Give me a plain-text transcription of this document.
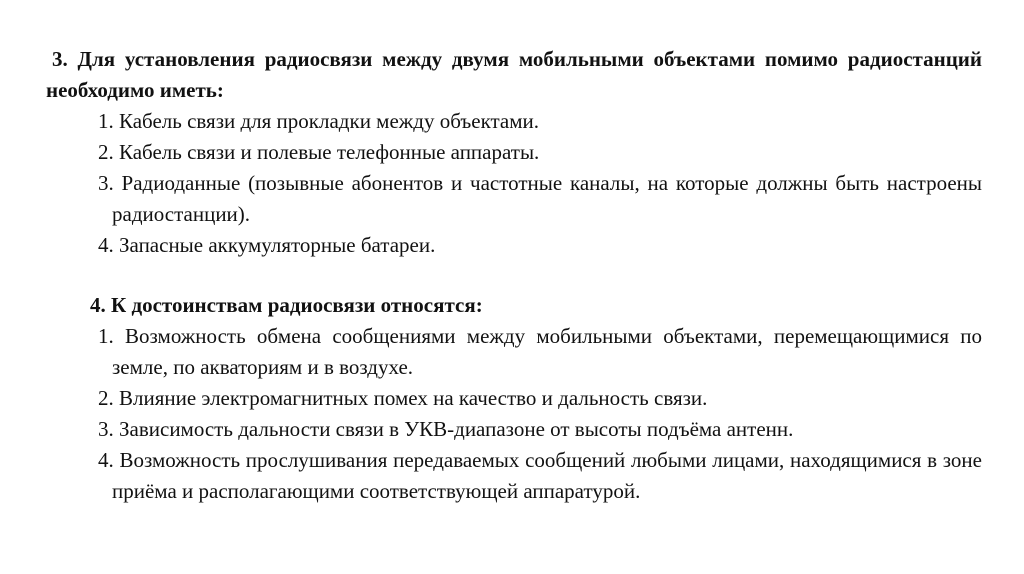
3. Для установления радиосвязи между двумя мобильными объектами помимо радиостанций необходимо иметь:
1. Кабель связи для прокладки между объектами.
2. Кабель связи и полевые телефонные аппараты.
3. Радиоданные (позывные абонентов и частотные каналы, на которые должны быть настроены радиостанции).
4. Запасные аккумуляторные батареи.
4. К достоинствам радиосвязи относятся:
1. Возможность обмена сообщениями между мобильными объектами, перемещающимися по земле, по акваториям и в воздухе.
2. Влияние электромагнитных помех на качество и дальность связи.
3. Зависимость дальности связи в УКВ-диапазоне от высоты подъёма антенн.
4. Возможность прослушивания передаваемых сообщений любыми лицами, находящимися в зоне приёма и располагающими соответствующей аппаратурой.
